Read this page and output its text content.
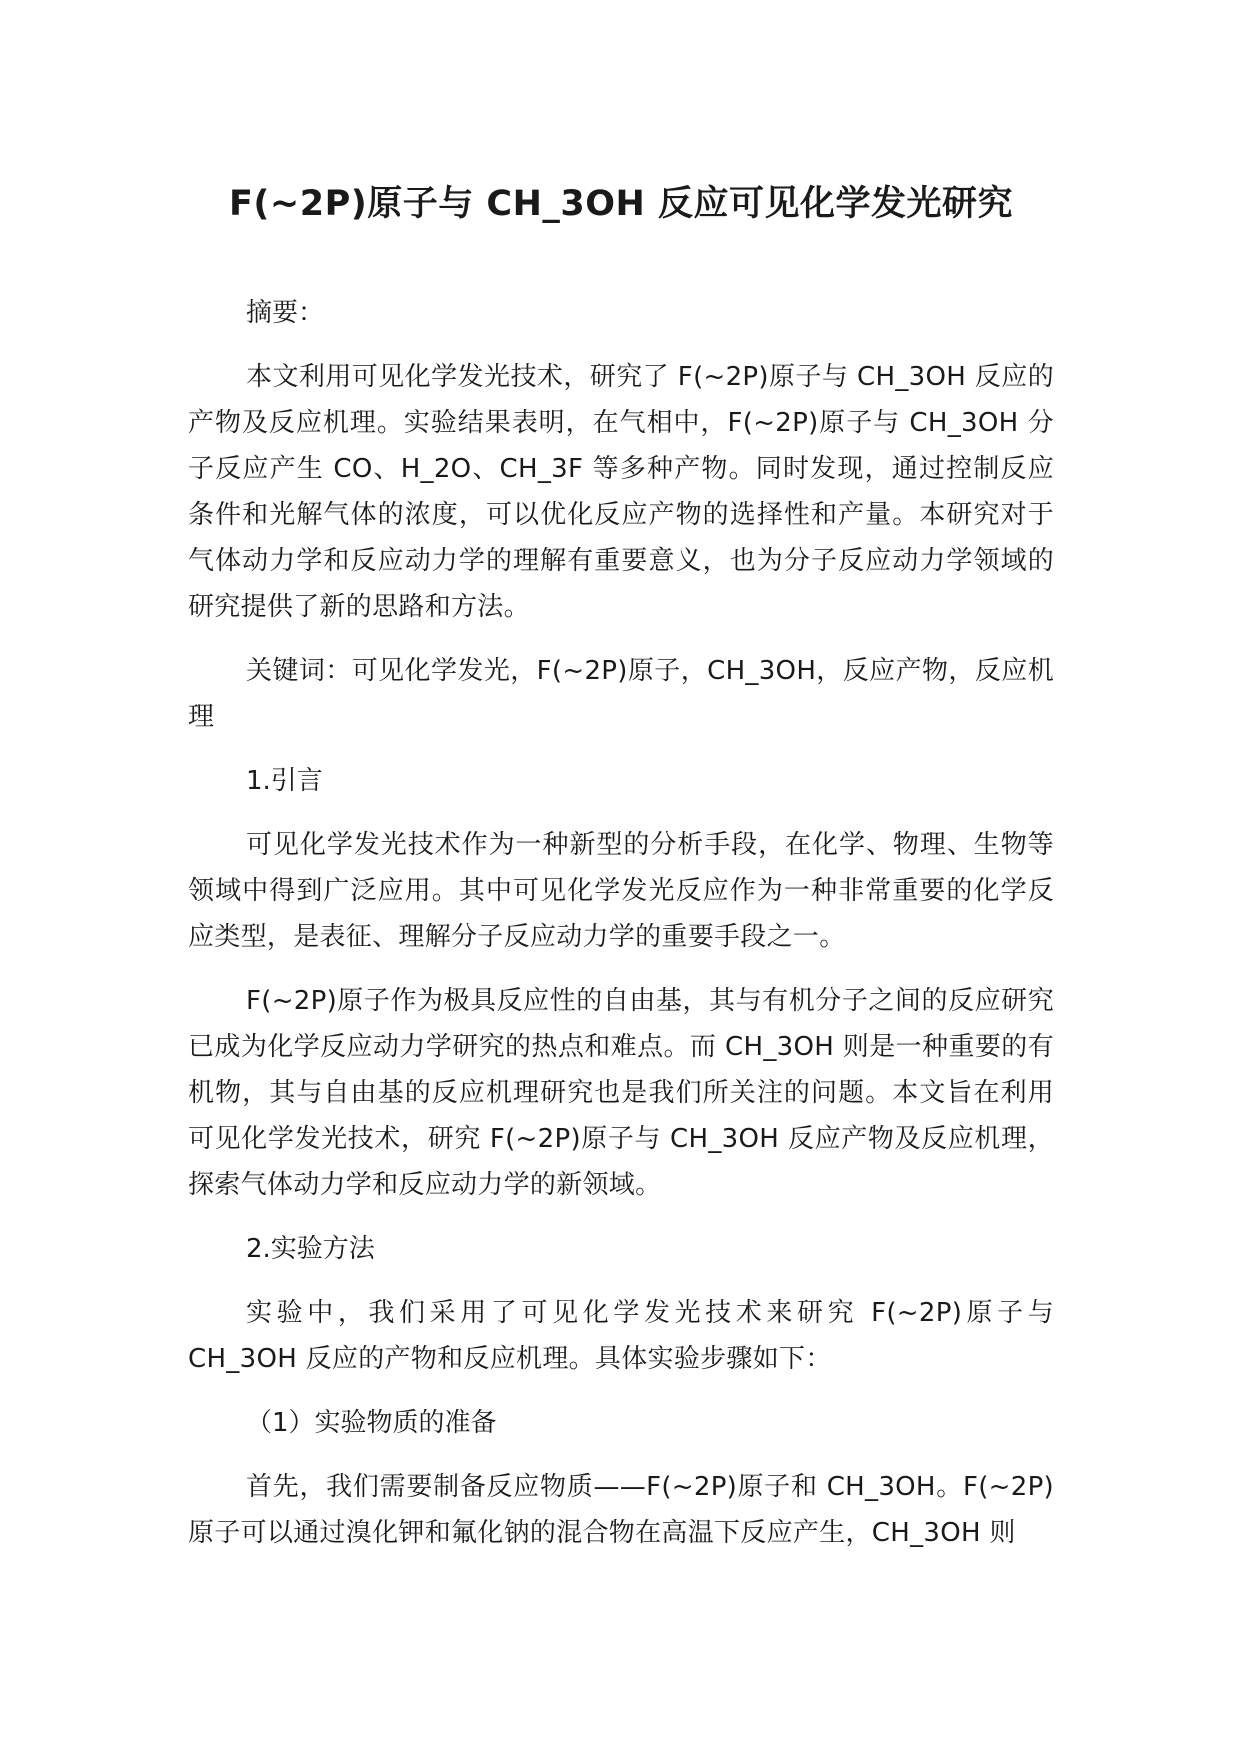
F(~2P)原子与 CH_3OH 反应可见化学发光研究

摘要：

本文利用可见化学发光技术，研究了 F(~2P)原子与 CH_3OH 反应的产物及反应机理。实验结果表明，在气相中，F(~2P)原子与 CH_3OH 分子反应产生 CO、H_2O、CH_3F 等多种产物。同时发现，通过控制反应条件和光解气体的浓度，可以优化反应产物的选择性和产量。本研究对于气体动力学和反应动力学的理解有重要意义，也为分子反应动力学领域的研究提供了新的思路和方法。

关键词：可见化学发光，F(~2P)原子，CH_3OH，反应产物，反应机理

1.引言

可见化学发光技术作为一种新型的分析手段，在化学、物理、生物等领域中得到广泛应用。其中可见化学发光反应作为一种非常重要的化学反应类型，是表征、理解分子反应动力学的重要手段之一。

F(~2P)原子作为极具反应性的自由基，其与有机分子之间的反应研究已成为化学反应动力学研究的热点和难点。而 CH_3OH 则是一种重要的有机物，其与自由基的反应机理研究也是我们所关注的问题。本文旨在利用可见化学发光技术，研究 F(~2P)原子与 CH_3OH 反应产物及反应机理，探索气体动力学和反应动力学的新领域。

2.实验方法

实验中，我们采用了可见化学发光技术来研究 F(~2P)原子与 CH_3OH 反应的产物和反应机理。具体实验步骤如下：

（1）实验物质的准备

首先，我们需要制备反应物质——F(~2P)原子和 CH_3OH。F(~2P)原子可以通过溴化钾和氟化钠的混合物在高温下反应产生，CH_3OH 则
